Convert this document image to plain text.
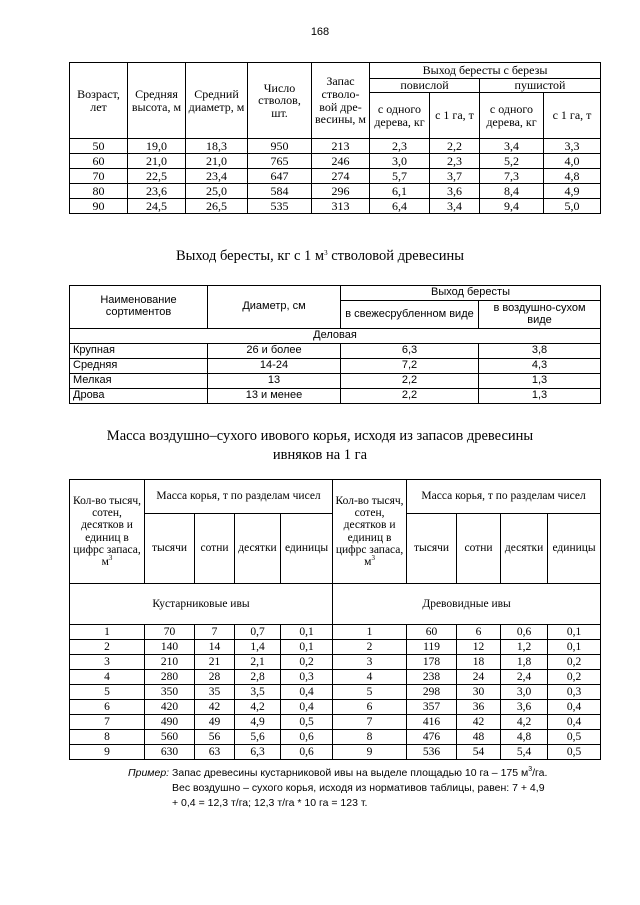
168
Возраст, лет	Средняя высота, м	Средний диаметр, м	Число стволов, шт.	Запас стволо-вой дре-весины, м	Выход бересты с березы			
					повислой		пушистой	
					с одного дерева, кг	с 1 га, т	с одного дерева, кг	с 1 га, т
50	19,0	18,3	950	213	2,3	2,2	3,4	3,3
60	21,0	21,0	765	246	3,0	2,3	5,2	4,0
70	22,5	23,4	647	274	5,7	3,7	7,3	4,8
80	23,6	25,0	584	296	6,1	3,6	8,4	4,9
90	24,5	26,5	535	313	6,4	3,4	9,4	5,0
Выход бересты, кг с 1 $м^3$ стволовой древесины
Наименование сортиментов	Диаметр, см	Выход бересты	
		в свежесрубленном виде	в воздушно-сухом виде
Деловая			
Крупная	26 и более	6,3	3,8
Средняя	14-24	7,2	4,3
Мелкая	13	2,2	1,3
Дрова	13 и менее	2,2	1,3
Масса воздушно–сухого ивового корья, исходя из запасов древесины
ивняков на 1 га
Кол-во тысяч, сотен, десятков и единиц в цифрс запаса, $м^3$	Масса корья, т по разделам чисел				Кол-во тысяч, сотен, десятков и единиц в цифрс запаса, $м^3$	Масса корья, т по разделам чисел			
	тысячи	сотни	десятки	единицы		тысячи	сотни	десятки	единицы
Кустарниковые ивы					Древовидные ивы				
1	70	7	0,7	0,1	1	60	6	0,6	0,1
2	140	14	1,4	0,1	2	119	12	1,2	0,1
3	210	21	2,1	0,2	3	178	18	1,8	0,2
4	280	28	2,8	0,3	4	238	24	2,4	0,2
5	350	35	3,5	0,4	5	298	30	3,0	0,3
6	420	42	4,2	0,4	6	357	36	3,6	0,4
7	490	49	4,9	0,5	7	416	42	4,2	0,4
8	560	56	5,6	0,6	8	476	48	4,8	0,5
9	630	63	6,3	0,6	9	536	54	5,4	0,5
Пример: Запас древесины кустарниковой ивы на выделе площадью 10 га – 175 $м^3/га$.
Вес воздушно – сухого корья, исходя из нормативов таблицы, равен: 7 + 4,9
+ 0,4 = 12,3 т/га; 12,3 т/га * 10 га = 123 т.
